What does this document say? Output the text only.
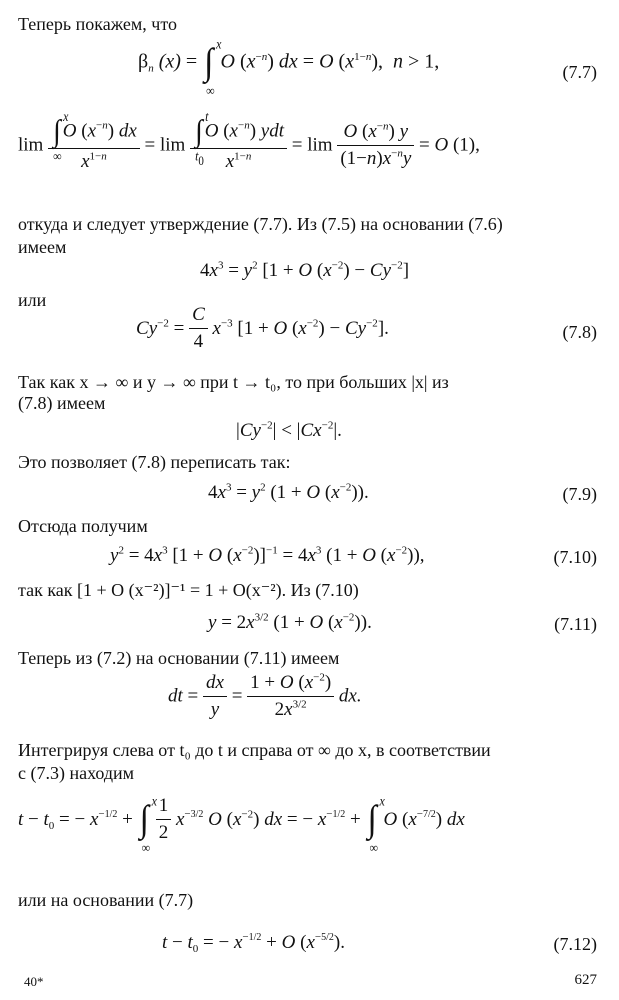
Теперь покажем, что
$\beta_n$ (x) = ∫ x
∞
O $(x^{-n})$ dx = O $(x^{1-n})$,  n > 1,	(7.7)
lim ∫ x
∞
O $(x^{-n})$ dx
$x^{1-n} = \lim$ ∫ t
$t_0$
O $(x^{-n})$ ydt
$x^{1-n} = \lim \frac{O (x^{-n}) y}{(1-n)x^{-n}y} = O$ (1),
откуда и следует утверждение (7.7). Из (7.5) на основании (7.6)
имеем
$4x^3 = y^2$ [1 + O $(x^{-2}) - Cy^{-2}$]
или
$Cy^{-2} = \frac{C}{4} x^{-3}$ [1 + O $(x^{-2}) - Cy^{-2}$].	(7.8)
Так как x → ∞ и y → ∞ при t → t₀, то при больших |x| из
(7.8) имеем
$|Cy^{-2}| < |Cx^{-2}|$.
Это позволяет (7.8) переписать так:
$4x^3 = y^2$ (1 + O $(x^{-2})$).	(7.9)
Отсюда получим
$y^2 = 4x^3$ [1 + O $(x^{-2})]^{-1} = 4x^3$ (1 + O $(x^{-2})$),	(7.10)
так как [1 + O (x⁻²)]⁻¹ = 1 + O(x⁻²). Из (7.10)
$y = 2x^{3/2}$ (1 + O $(x^{-2})$).	(7.11)
Теперь из (7.2) на основании (7.11) имеем
dt = $\frac{dx}{y} = \frac{1 + O (x^{-2})}{2x^{3/2}}$ dx.
Интегрируя слева от t₀ до t и справа от ∞ до x, в соответствии
с (7.3) находим
$t - t_0$ = − $x^{-1/2}$ + ∫ x
∞

$\frac{1}{2} x^{-3/2}$ O $(x^{-2})$ dx = − $x^{-1/2}$ + ∫ x
∞
O $(x^{-7/2})$ dx
или на основании (7.7)
$t - t_0$ = − $x^{-1/2} + O$ $(x^{-5/2})$.	(7.12)
40*	627
